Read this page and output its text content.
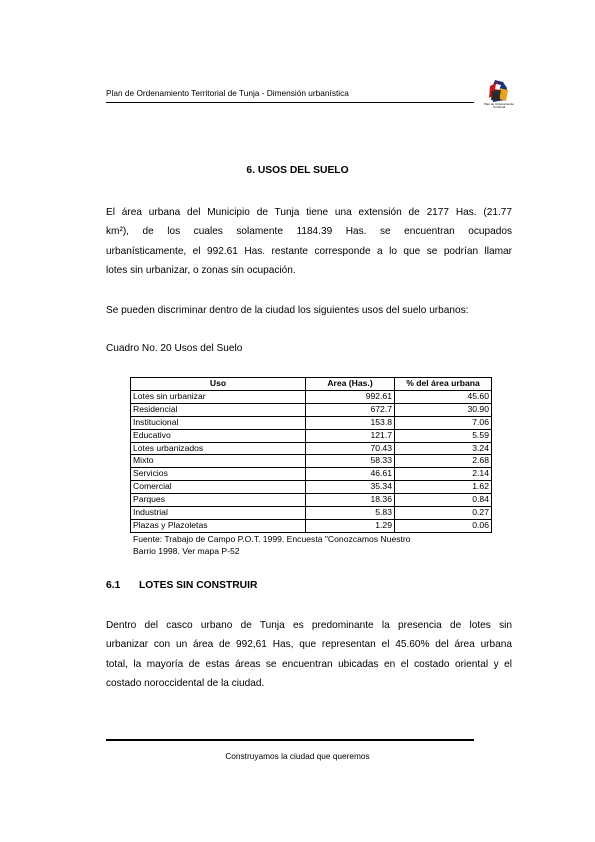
Plan de Ordenamiento Territorial de Tunja - Dimensión urbanística
Plan de Ordenamiento Territorial
6. USOS DEL SUELO
El área urbana del Municipio de Tunja tiene una extensión de 2177 Has. (21.77
km²), de los cuales solamente 1184.39 Has. se encuentran ocupados
urbanísticamente, el 992.61 Has. restante corresponde a lo que se podrían llamar
lotes sin urbanizar, o zonas sin ocupación.
Se pueden discriminar dentro de la ciudad los siguientes usos del suelo urbanos:
Cuadro No. 20 Usos del Suelo
Uso	Area (Has.)	% del área urbana
Lotes sin urbanizar	992.61	45.60
Residencial	672.7	30.90
Institucional	153.8	7.06
Educativo	121.7	5.59
Lotes urbanizados	70.43	3.24
Mixto	58.33	2.68
Servicios	46.61	2.14
Comercial	35.34	1.62
Parques	18.36	0.84
Industrial	5.83	0.27
Plazas y Plazoletas	1.29	0.06
Fuente: Trabajo de Campo P.O.T. 1999. Encuesta "Conozcamos Nuestro
Barrio 1998. Ver mapa P-52
6.1 LOTES SIN CONSTRUIR
Dentro del casco urbano de Tunja es predominante la presencia de lotes sin
urbanizar con un área de 992,61 Has, que representan el 45.60% del área urbana
total, la mayoría de estas áreas se encuentran ubicadas en el costado oriental y el
costado noroccidental de la ciudad.
Construyamos la ciudad que queremos
